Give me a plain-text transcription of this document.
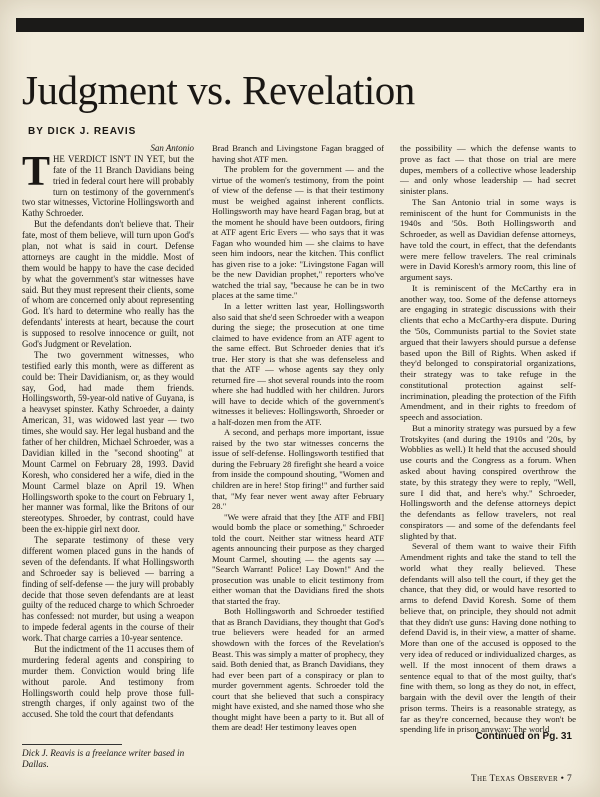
Judgment vs. Revelation
BY DICK J. REAVIS

San Antonio

THE VERDICT ISN'T IN YET, but the fate of the 11 Branch Davidians being tried in federal court here will probably turn on testimony of the government's two star witnesses, Victorine Hollingsworth and Kathy Schroeder.

But the defendants don't believe that. Their fate, most of them believe, will turn upon God's plan, not what is said in court. Defense attorneys are caught in the middle. Most of them would be happy to have the case decided by what the government's star witnesses have said. But they must represent their clients, some of whom are concerned only about representing God. It's hard to determine who really has the defendants' interests at heart, because the court is supposed to resolve innocence or guilt, not God's Judgment or Revelation.

The two government witnesses, who testified early this month, were as different as could be: Their Davidianism, or, as they would say, God, had made them friends. Hollingsworth, 59-year-old native of Guyana, is a heavyset spinster. Kathy Schroeder, a dainty American, 31, was widowed last year — two times, she would say. Her legal husband and the father of her children, Michael Schroeder, was a Davidian killed in the "second shooting" at Mount Carmel on February 28, 1993. David Koresh, who considered her a wife, died in the Mount Carmel blaze on April 19. When Hollingsworth spoke to the court on February 1, her manner was formal, like the Britons of our stereotypes. Shroeder, by contrast, could have been the ex-hippie girl next door.

The separate testimony of these very different women placed guns in the hands of seven of the defendants. If what Hollingsworth and Schroeder say is believed — barring a finding of self-defense — the jury will probably decide that those seven defendants are at least guilty of the reduced charge to which Schroeder has confessed: not murder, but using a weapon to impede federal agents in the course of their work. That charge carries a 10-year sentence.

But the indictment of the 11 accuses them of murdering federal agents and conspiring to murder them. Conviction would bring life without parole. And testimony from Hollingsworth could help prove those full-strength charges, if only against two of the accused. She told the court that defendants

Brad Branch and Livingstone Fagan bragged of having shot ATF men.

The problem for the government — and the virtue of the women's testimony, from the point of view of the defense — is that their testimony must be weighed against inherent conflicts. Hollingsworth may have heard Fagan brag, but at the moment he should have been outdoors, firing at ATF agent Eric Evers — who says that it was Fagan who wounded him — she claims to have seen him indoors, near the kitchen. This conflict has given rise to a joke: "Livingstone Fagan will be the new Davidian prophet," reporters who've watched the trial say, "because he can be in two places at the same time."

In a letter written last year, Hollingsworth also said that she'd seen Schroeder with a weapon during the siege; the prosecution at one time claimed to have evidence from an ATF agent to the same effect. But Schroeder denies that it's true. Her story is that she was defenseless and that the ATF — whose agents say they only returned fire — shot several rounds into the room where she had huddled with her children. Jurors will have to decide which of the government's witnesses it believes: Hollingsworth, Shroeder or a half-dozen men from the ATF.

A second, and perhaps more important, issue raised by the two star witnesses concerns the issue of self-defense. Hollingsworth testified that during the February 28 firefight she heard a voice from inside the compound shouting, "Women and children are in here! Stop firing!" and further said that, "My fear never went away after February 28."

"We were afraid that they [the ATF and FBI] would bomb the place or something," Schroeder told the court. Neither star witness heard ATF agents announcing their purpose as they charged Mount Carmel, shouting — the agents say — "Search Warrant! Police! Lay Down!" And the prosecution was unable to elicit testimony from either woman that the Davidians fired the shots that started the fray.

Both Hollingsworth and Schroeder testified that as Branch Davidians, they thought that God's true believers were headed for an armed showdown with the forces of the Revelation's Beast. This was simply a matter of prophecy, they said. Both denied that, as Branch Davidians, they had ever been part of a conspiracy or plan to murder government agents. Schroeder told the court that she believed that such a conspiracy might have existed, and she named those who she thought might have been a party to it. But all of them are dead! Her testimony leaves open

the possibility — which the defense wants to prove as fact — that those on trial are mere dupes, members of a collective whose leadership — and only whose leadership — had secret sinister plans.

The San Antonio trial in some ways is reminiscent of the hunt for Communists in the 1940s and '50s. Both Hollingsworth and Schroeder, as well as Davidian defense attorneys, have told the court, in effect, that the defendants were mere fellow travelers. The real criminals were in David Koresh's armory room, this line of argument says.

It is reminiscent of the McCarthy era in another way, too. Some of the defense attorneys are engaging in strategic discussions with their clients that echo a McCarthy-era dispute. During the '50s, Communists partial to the Soviet state argued that their lawyers should pursue a defense based upon the Bill of Rights. When asked if they'd belonged to conspiratorial organizations, their strategy was to take refuge in the constitutional protection against self-incrimination, pleading the protection of the Fifth Amendment, and in their rights to freedom of speech and association.

But a minority strategy was pursued by a few Trotskyites (and during the 1910s and '20s, by Wobblies as well.) It held that the accused should use courts and the Congress as a forum. When asked about having conspired overthrow the state, by this strategy they were to reply, "Well, sure I did that, and here's why." Schroeder, Hollingsworth and the defense attorneys depict the defendants as fellow travelers, not real conspirators — and some of the defendants feel slighted by that.

Several of them want to waive their Fifth Amendment rights and take the stand to tell the world what they really believed. These defendants will also tell the court, if they get the chance, that they did, or would have resorted to arms to defend David Koresh. Some of them believe that, on principle, they should not admit that they didn't use guns: Having done nothing to defend David is, in their view, a matter of shame. More than one of the accused is opposed to the very idea of reduced or individualized charges, as well. If the most innocent of them draws a sentence equal to that of the most guilty, that's fine with them, so long as they do not, in effect, bargain with the devil over the length of their prison terms. Theirs is a reasonable strategy, as far as they're concerned, because they won't be spending life in prison anyway: The world

Dick J. Reavis is a freelance writer based in Dallas.
Continued on Pg. 31
The Texas Observer • 7
